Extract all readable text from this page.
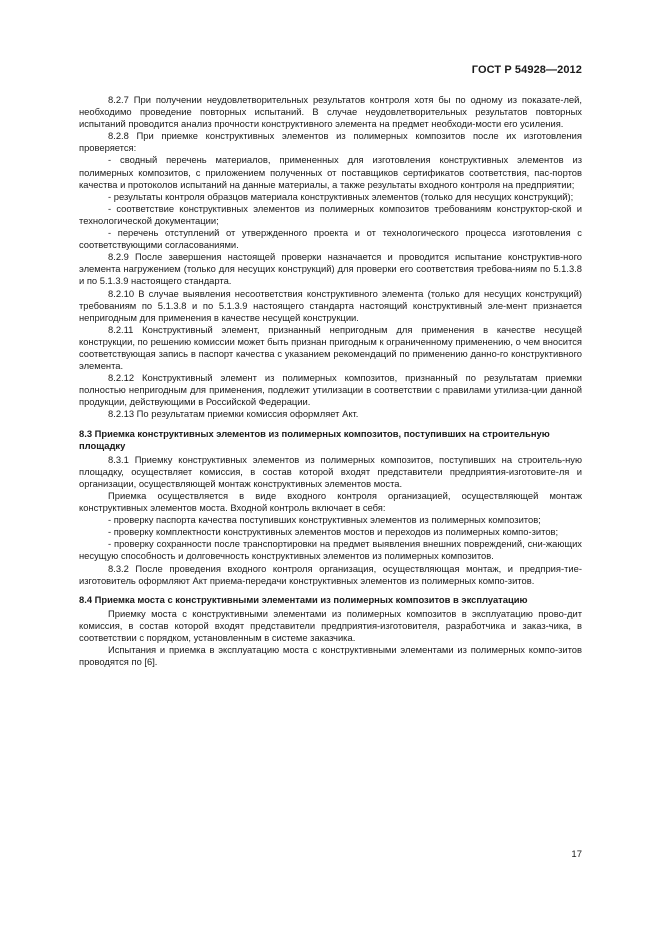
ГОСТ Р 54928—2012

8.2.7 При получении неудовлетворительных результатов контроля хотя бы по одному из показате-лей, необходимо проведение повторных испытаний. В случае неудовлетворительных результатов повторных испытаний проводится анализ прочности конструктивного элемента на предмет необходи-мости его усиления.

8.2.8 При приемке конструктивных элементов из полимерных композитов после их изготовления проверяется:

- сводный перечень материалов, примененных для изготовления конструктивных элементов из полимерных композитов, с приложением полученных от поставщиков сертификатов соответствия, пас-портов качества и протоколов испытаний на данные материалы, а также результаты входного контроля на предприятии;

- результаты контроля образцов материала конструктивных элементов (только для несущих конструкций);

- соответствие конструктивных элементов из полимерных композитов требованиям конструктор-ской и технологической документации;

- перечень отступлений от утвержденного проекта и от технологического процесса изготовления с соответствующими согласованиями.

8.2.9 После завершения настоящей проверки назначается и проводится испытание конструктив-ного элемента нагружением (только для несущих конструкций) для проверки его соответствия требова-ниям по 5.1.3.8 и по 5.1.3.9 настоящего стандарта.

8.2.10 В случае выявления несоответствия конструктивного элемента (только для несущих конструкций) требованиям по 5.1.3.8 и по 5.1.3.9 настоящего стандарта настоящий конструктивный эле-мент признается непригодным для применения в качестве несущей конструкции.

8.2.11 Конструктивный элемент, признанный непригодным для применения в качестве несущей конструкции, по решению комиссии может быть признан пригодным к ограниченному применению, о чем вносится соответствующая запись в паспорт качества с указанием рекомендаций по применению данно-го конструктивного элемента.

8.2.12 Конструктивный элемент из полимерных композитов, признанный по результатам приемки полностью непригодным для применения, подлежит утилизации в соответствии с правилами утилиза-ции данной продукции, действующими в Российской Федерации.

8.2.13 По результатам приемки комиссия оформляет Акт.

8.3 Приемка конструктивных элементов из полимерных композитов, поступивших на строительную площадку

8.3.1 Приемку конструктивных элементов из полимерных композитов, поступивших на строитель-ную площадку, осуществляет комиссия, в состав которой входят представители предприятия-изготовите-ля и организации, осуществляющей монтаж конструктивных элементов моста.

Приемка осуществляется в виде входного контроля организацией, осуществляющей монтаж конструктивных элементов моста. Входной контроль включает в себя:

- проверку паспорта качества поступивших конструктивных элементов из полимерных композитов;

- проверку комплектности конструктивных элементов мостов и переходов из полимерных компо-зитов;

- проверку сохранности после транспортировки на предмет выявления внешних повреждений, сни-жающих несущую способность и долговечность конструктивных элементов из полимерных композитов.

8.3.2 После проведения входного контроля организация, осуществляющая монтаж, и предприя-тие-изготовитель оформляют Акт приема-передачи конструктивных элементов из полимерных компо-зитов.

8.4 Приемка моста с конструктивными элементами из полимерных композитов в эксплуатацию

Приемку моста с конструктивными элементами из полимерных композитов в эксплуатацию прово-дит комиссия, в состав которой входят представители предприятия-изготовителя, разработчика и заказ-чика, в соответствии с порядком, установленным в системе заказчика.

Испытания и приемка в эксплуатацию моста с конструктивными элементами из полимерных компо-зитов проводятся по [6].

17
